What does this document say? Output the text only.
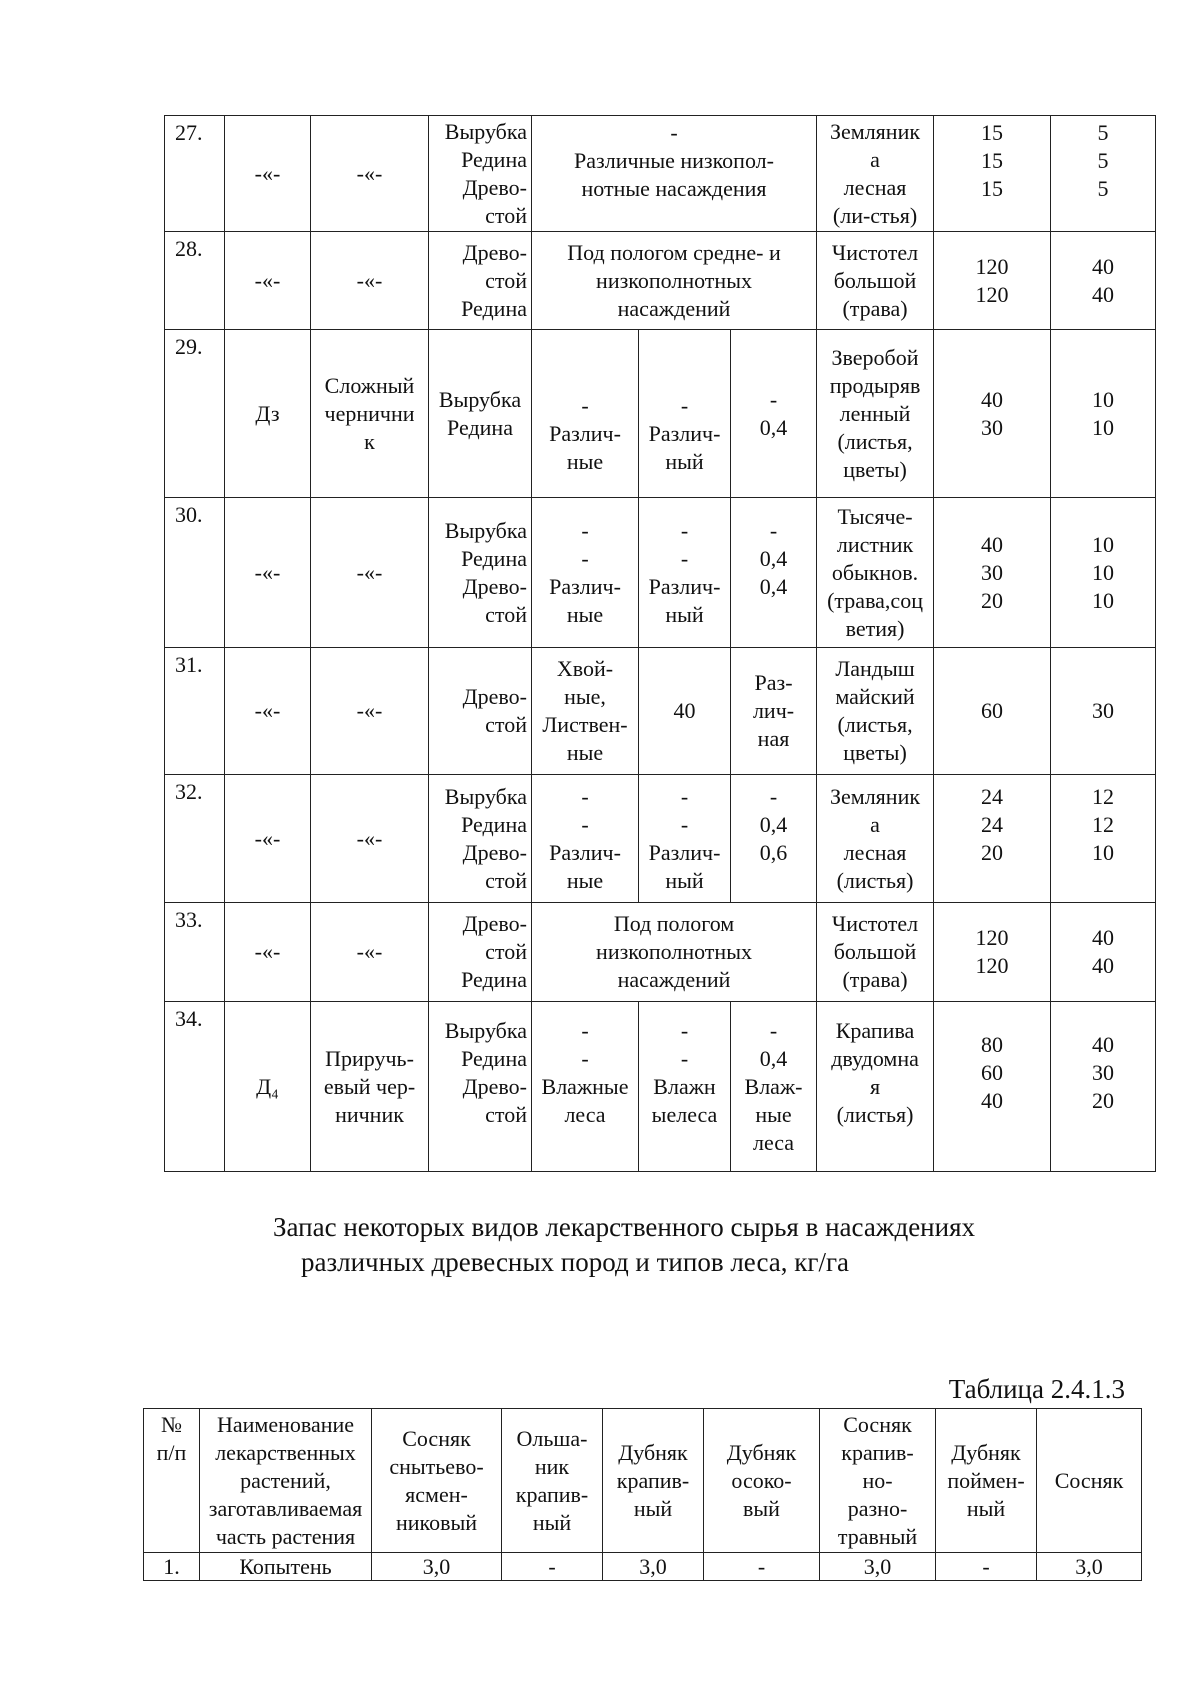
27.	-«-	-«-	Вырубка
Редина
Древо-
стой	-
Различные низкопол-
нотные насаждения			Земляник
а
лесная
(ли-стья)	15
15
15	5
5
5
28.	-«-	-«-	Древо-
стой
Редина	Под пологом средне- и
низкополнотных
насаждений			Чистотел
большой
(трава)	120
120	40
40

29.	Дз	Сложный
чернични
к	Вырубка
Редина	-
Различ-
ные	-
Различ-
ный	-
0,4	Зверобой
продыряв
ленный
(листья,
цветы)	40
30	10
10
30.	-«-	-«-	Вырубка
Редина
Древо-
стой	-
-
Различ-
ные	-
-
Различ-
ный	-
0,4
0,4	Тысяче-
листник
обыкнов.
(трава,соц
ветия)	40
30
20	10
10
10
31.	-«-	-«-	Древо-
стой	Хвой-
ные,
Листвен-
ные	40	Раз-
лич-
ная	Ландыш
майский
(листья,
цветы)	60	30
32.	-«-	-«-	Вырубка
Редина
Древо-
стой	-
-
Различ-
ные	-
-
Различ-
ный	-
0,4
0,6	Земляник
а
лесная
(листья)	24
24
20	12
12
10
33.	-«-	-«-	Древо-
стой
Редина	Под пологом
низкополнотных
насаждений			Чистотел
большой
(трава)	120
120	40
40

34.	Д₄	Приручь-
евый чер-
ничник	Вырубка
Редина
Древо-
стой	-
-
Влажные
леса	-
-
Влажн
ыелеса	-
0,4
Влаж-
ные
леса	Крапива
двудомна
я
(листья)	80
60
40	40
30
20
Запас некоторых видов лекарственного сырья в насаждениях
различных древесных пород и типов леса, кг/га
Таблица 2.4.1.3
№
п/п	Наименование
лекарственных
растений,
заготавливаемая
часть растения	Сосняк
снытьево-
ясмен-
никовый	Ольша-
ник
крапив-
ный	Дубняк
крапив-
ный	Дубняк
осоко-
вый	Сосняк
крапив-
но-
разно-
травный	Дубняк
поймен-
ный	Сосняк
1.	Копытень	3,0	-	3,0	-	3,0	-	3,0
